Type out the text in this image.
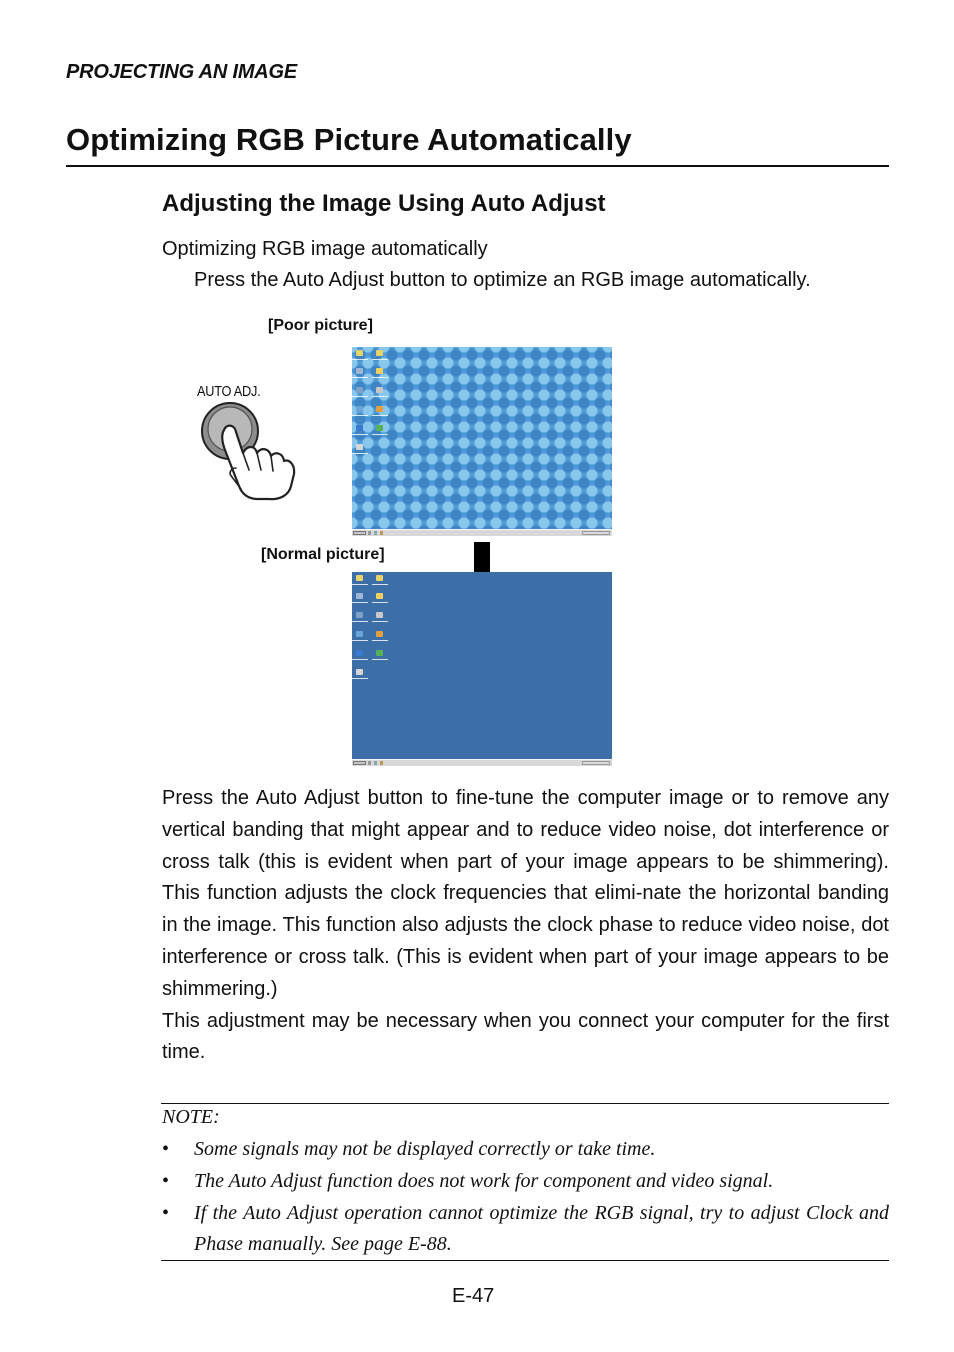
PROJECTING AN IMAGE
Optimizing RGB Picture Automatically
Adjusting the Image Using Auto Adjust
Optimizing RGB image automatically
Press the Auto Adjust button to optimize an RGB image automatically.
[Poor picture]
[Normal picture]
AUTO ADJ.

Press the Auto Adjust button to fine-tune the computer image or to remove any vertical banding that might appear and to reduce video noise, dot interference or cross talk (this is evident when part of your image appears to be shimmering). This function adjusts the clock frequencies that elimi-nate the horizontal banding in the image. This function also adjusts the clock phase to reduce video noise, dot interference or cross talk. (This is evident when part of your image appears to be shimmering.)

This adjustment may be necessary when you connect your computer for the first time.

NOTE:
• Some signals may not be displayed correctly or take time.
• The Auto Adjust function does not work for component and video signal.
• If the Auto Adjust operation cannot optimize the RGB signal, try to adjust Clock and Phase manually. See page E-88.
E-47
